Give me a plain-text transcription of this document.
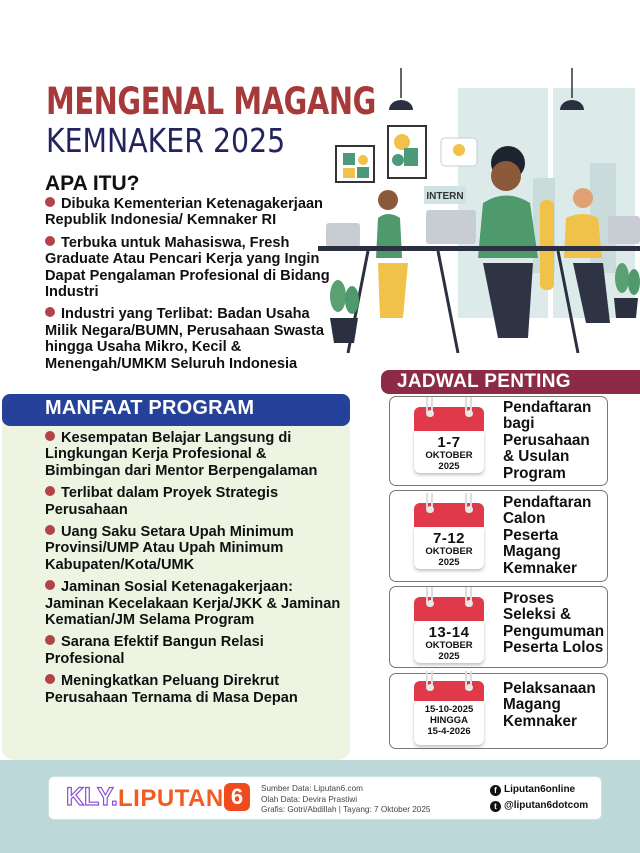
MENGENAL MAGANG
KEMNAKER 2025
APA ITU?
Dibuka Kementerian Ketenagakerjaan Republik Indonesia/ Kemnaker RI
Terbuka untuk Mahasiswa, Fresh Graduate Atau Pencari Kerja yang Ingin Dapat Pengalaman Profesional di Bidang Industri
Industri yang Terlibat: Badan Usaha Milik Negara/BUMN, Perusahaan Swasta hingga Usaha Mikro, Kecil & Menengah/UMKM Seluruh Indonesia
INTERN
MANFAAT PROGRAM
Kesempatan Belajar Langsung di Lingkungan Kerja Profesional & Bimbingan dari Mentor Berpengalaman
Terlibat dalam Proyek Strategis Perusahaan
Uang Saku Setara Upah Minimum Provinsi/UMP Atau Upah Minimum Kabupaten/Kota/UMK
Jaminan Sosial Ketenagakerjaan: Jaminan Kecelakaan Kerja/JKK & Jaminan Kematian/JM Selama Program
Sarana Efektif Bangun Relasi Profesional
Meningkatkan Peluang Direkrut Perusahaan Ternama di Masa Depan
JADWAL PENTING
1-7
OKTOBER
2025
Pendaftaran bagi Perusahaan & Usulan Program
7-12
OKTOBER
2025
Pendaftaran Calon Peserta Magang Kemnaker
13-14
OKTOBER
2025
Proses Seleksi & Pengumuman Peserta Lolos
15-10-2025
HINGGA
15-4-2026
Pelaksanaan Magang Kemnaker
KLY. LIPUTAN 6	Sumber Data: Liputan6.com
Olah Data: Devira Prastiwi
Grafis: Gotri/Abdillah | Tayang: 7 Oktober 2025
f Liputan6online
t @liputan6dotcom
